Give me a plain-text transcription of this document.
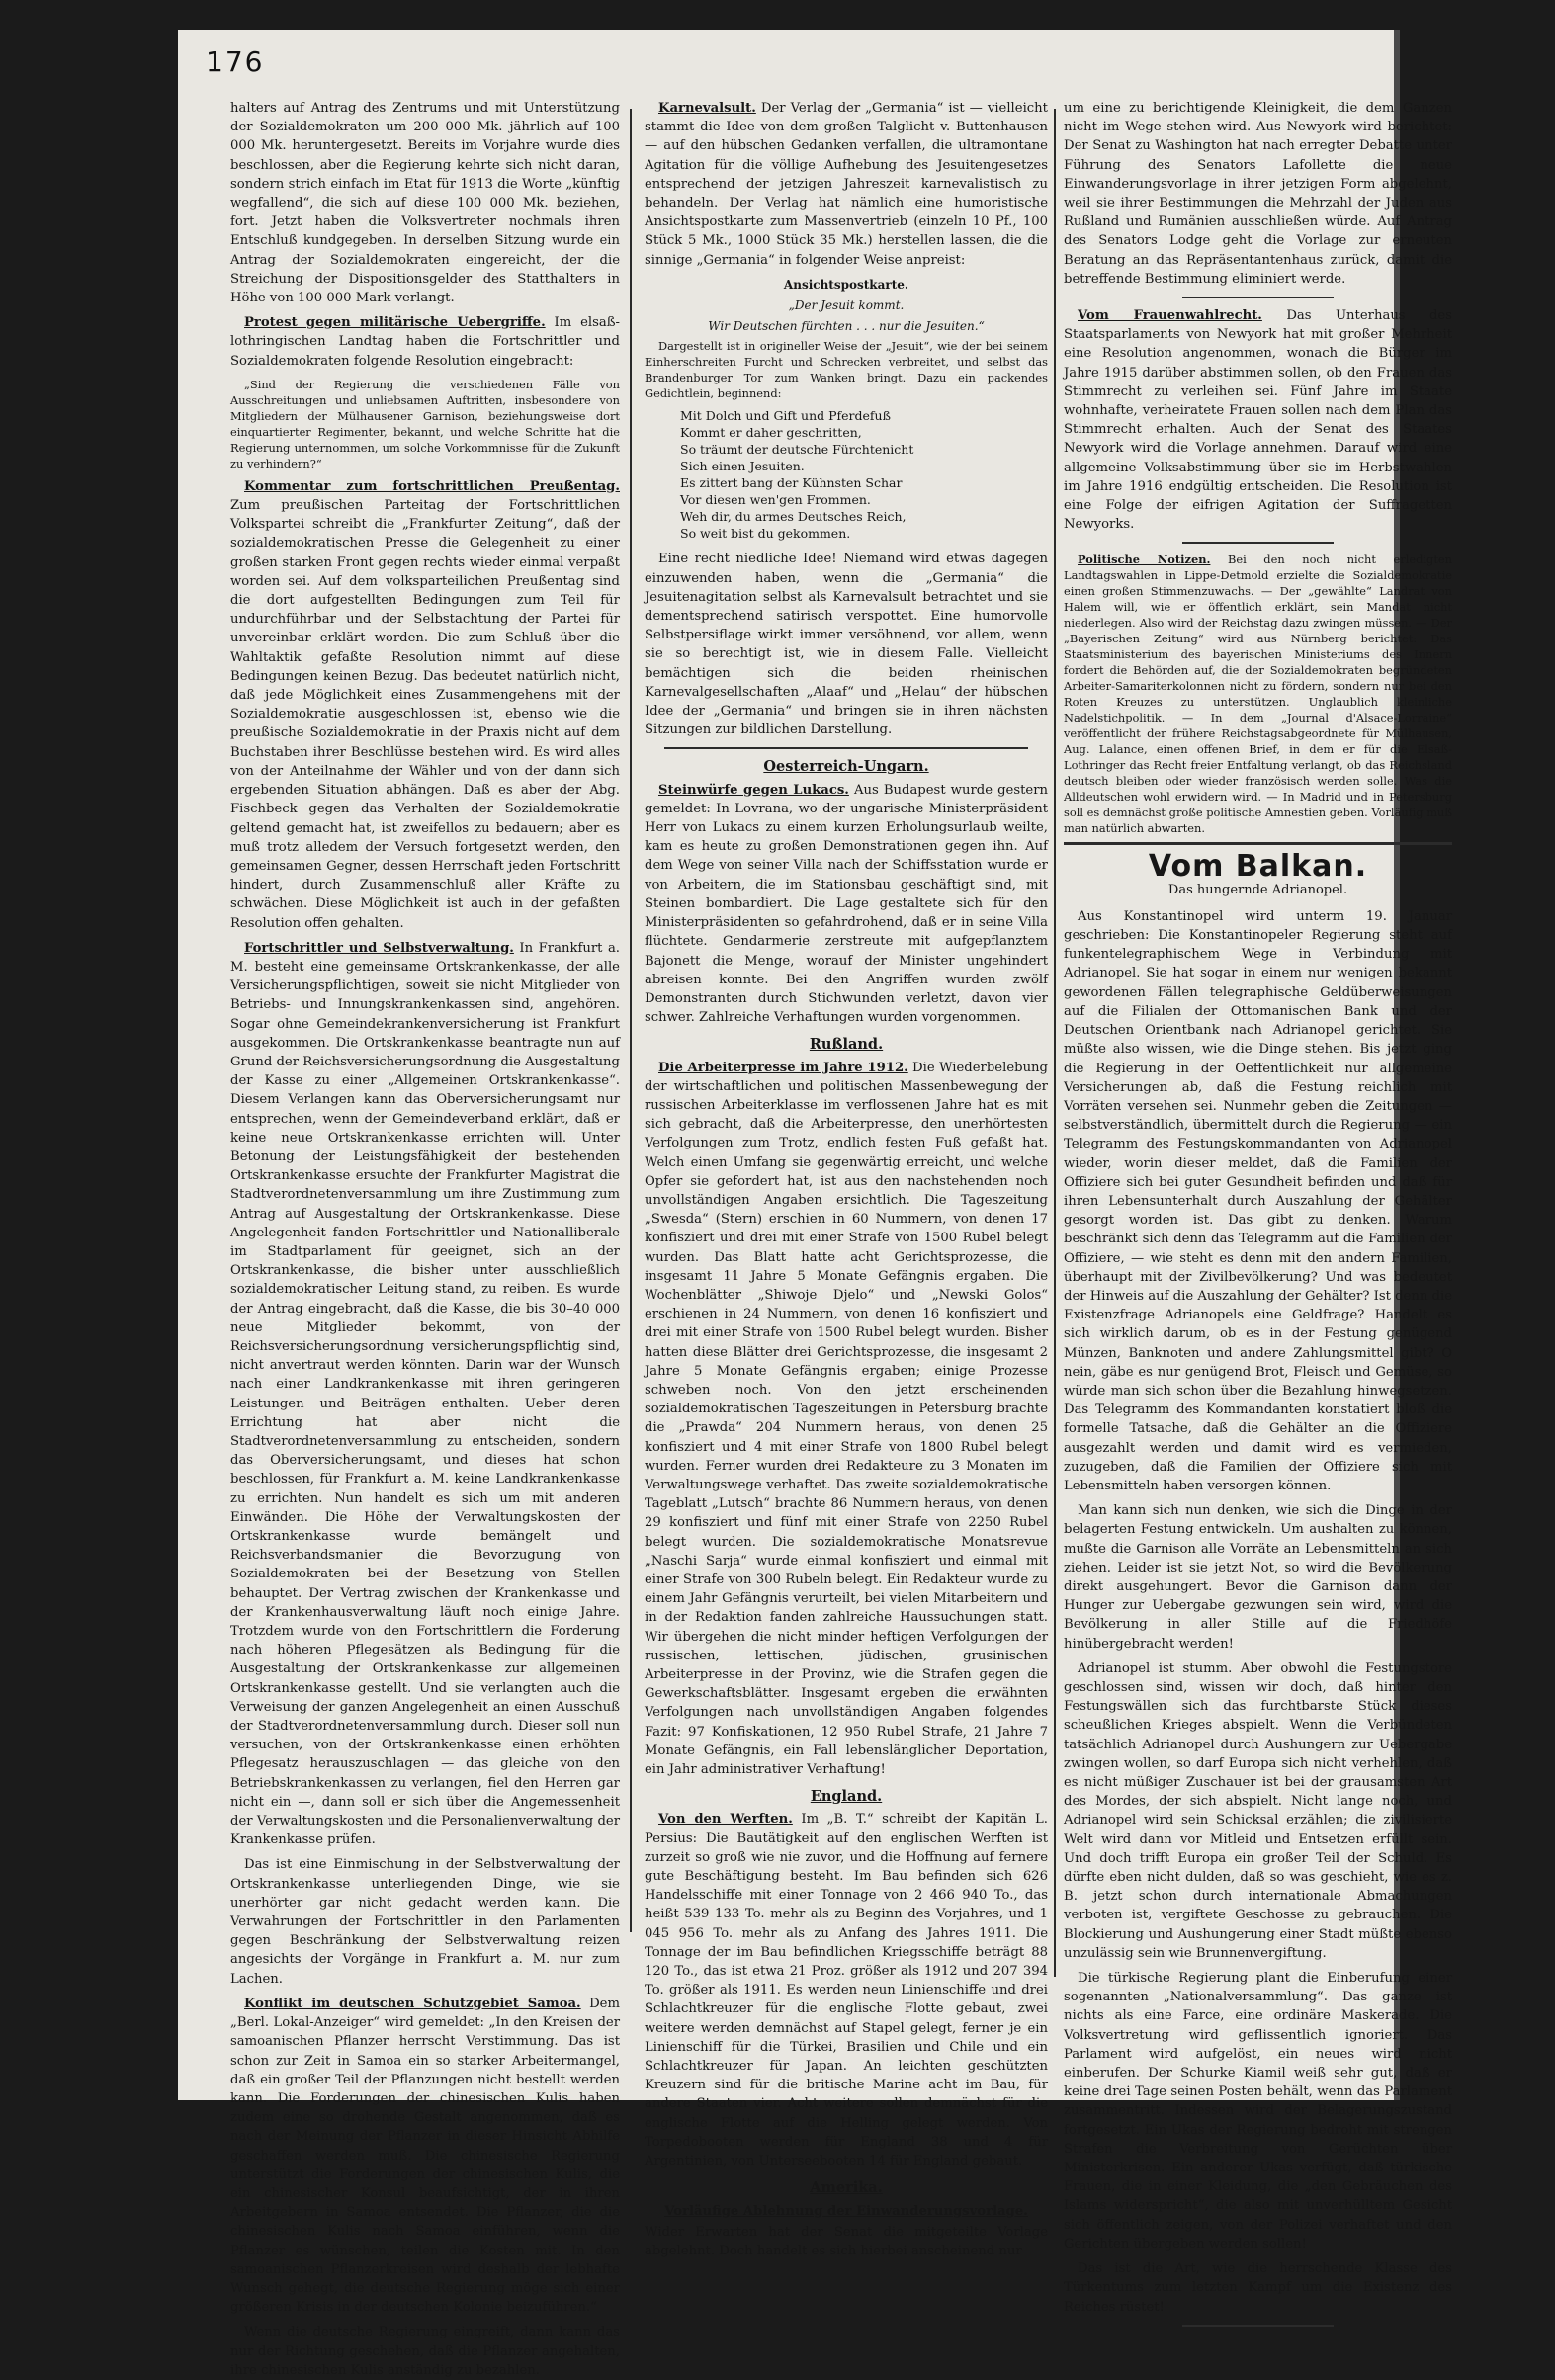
176

halters auf Antrag des Zentrums und mit Unterstützung der Sozialdemokraten um 200 000 Mk. jährlich auf 100 000 Mk. heruntergesetzt. Bereits im Vorjahre wurde dies beschlossen, aber die Regierung kehrte sich nicht daran, sondern strich einfach im Etat für 1913 die Worte „künftig wegfallend“, die sich auf diese 100 000 Mk. beziehen, fort. Jetzt haben die Volksvertreter nochmals ihren Entschluß kundgegeben. In derselben Sitzung wurde ein Antrag der Sozialdemokraten eingereicht, der die Streichung der Dispositionsgelder des Statthalters in Höhe von 100 000 Mark verlangt.

Protest gegen militärische Uebergriffe. Im elsaß-lothringischen Landtag haben die Fortschrittler und Sozialdemokraten folgende Resolution eingebracht:

„Sind der Regierung die verschiedenen Fälle von Ausschreitungen und unliebsamen Auftritten, insbesondere von Mitgliedern der Mülhausener Garnison, beziehungsweise dort einquartierter Regimenter, bekannt, und welche Schritte hat die Regierung unternommen, um solche Vorkommnisse für die Zukunft zu verhindern?“

Kommentar zum fortschrittlichen Preußentag. Zum preußischen Parteitag der Fortschrittlichen Volkspartei schreibt die „Frankfurter Zeitung“, daß der sozialdemokratischen Presse die Gelegenheit zu einer großen starken Front gegen rechts wieder einmal verpaßt worden sei. Auf dem volksparteilichen Preußentag sind die dort aufgestellten Bedingungen zum Teil für undurchführbar und der Selbstachtung der Partei für unvereinbar erklärt worden. Die zum Schluß über die Wahltaktik gefaßte Resolution nimmt auf diese Bedingungen keinen Bezug. Das bedeutet natürlich nicht, daß jede Möglichkeit eines Zusammengehens mit der Sozialdemokratie ausgeschlossen ist, ebenso wie die preußische Sozialdemokratie in der Praxis nicht auf dem Buchstaben ihrer Beschlüsse bestehen wird. Es wird alles von der Anteilnahme der Wähler und von der dann sich ergebenden Situation abhängen. Daß es aber der Abg. Fischbeck gegen das Verhalten der Sozialdemokratie geltend gemacht hat, ist zweifellos zu bedauern; aber es muß trotz alledem der Versuch fortgesetzt werden, den gemeinsamen Gegner, dessen Herrschaft jeden Fortschritt hindert, durch Zusammenschluß aller Kräfte zu schwächen. Diese Möglichkeit ist auch in der gefaßten Resolution offen gehalten.

Fortschrittler und Selbstverwaltung. In Frankfurt a. M. besteht eine gemeinsame Ortskrankenkasse, der alle Versicherungspflichtigen, soweit sie nicht Mitglieder von Betriebs- und Innungskrankenkassen sind, angehören. Sogar ohne Gemeindekrankenversicherung ist Frankfurt ausgekommen. Die Ortskrankenkasse beantragte nun auf Grund der Reichsversicherungsordnung die Ausgestaltung der Kasse zu einer „Allgemeinen Ortskrankenkasse“. Diesem Verlangen kann das Oberversicherungsamt nur entsprechen, wenn der Gemeindeverband erklärt, daß er keine neue Ortskrankenkasse errichten will. Unter Betonung der Leistungsfähigkeit der bestehenden Ortskrankenkasse ersuchte der Frankfurter Magistrat die Stadtverordnetenversammlung um ihre Zustimmung zum Antrag auf Ausgestaltung der Ortskrankenkasse. Diese Angelegenheit fanden Fortschrittler und Nationalliberale im Stadtparlament für geeignet, sich an der Ortskrankenkasse, die bisher unter ausschließlich sozialdemokratischer Leitung stand, zu reiben. Es wurde der Antrag eingebracht, daß die Kasse, die bis 30–40 000 neue Mitglieder bekommt, von der Reichsversicherungsordnung versicherungspflichtig sind, nicht anvertraut werden könnten. Darin war der Wunsch nach einer Landkrankenkasse mit ihren geringeren Leistungen und Beiträgen enthalten. Ueber deren Errichtung hat aber nicht die Stadtverordnetenversammlung zu entscheiden, sondern das Oberversicherungsamt, und dieses hat schon beschlossen, für Frankfurt a. M. keine Landkrankenkasse zu errichten. Nun handelt es sich um mit anderen Einwänden. Die Höhe der Verwaltungskosten der Ortskrankenkasse wurde bemängelt und Reichsverbandsmanier die Bevorzugung von Sozialdemokraten bei der Besetzung von Stellen behauptet. Der Vertrag zwischen der Krankenkasse und der Krankenhausverwaltung läuft noch einige Jahre. Trotzdem wurde von den Fortschrittlern die Forderung nach höheren Pflegesätzen als Bedingung für die Ausgestaltung der Ortskrankenkasse zur allgemeinen Ortskrankenkasse gestellt. Und sie verlangten auch die Verweisung der ganzen Angelegenheit an einen Ausschuß der Stadtverordnetenversammlung durch. Dieser soll nun versuchen, von der Ortskrankenkasse einen erhöhten Pflegesatz herauszuschlagen — das gleiche von den Betriebskrankenkassen zu verlangen, fiel den Herren gar nicht ein —, dann soll er sich über die Angemessenheit der Verwaltungskosten und die Personalienverwaltung der Krankenkasse prüfen.

Das ist eine Einmischung in der Selbstverwaltung der Ortskrankenkasse unterliegenden Dinge, wie sie unerhörter gar nicht gedacht werden kann. Die Verwahrungen der Fortschrittler in den Parlamenten gegen Beschränkung der Selbstverwaltung reizen angesichts der Vorgänge in Frankfurt a. M. nur zum Lachen.

Konflikt im deutschen Schutzgebiet Samoa. Dem „Berl. Lokal-Anzeiger“ wird gemeldet: „In den Kreisen der samoanischen Pflanzer herrscht Verstimmung. Das ist schon zur Zeit in Samoa ein so starker Arbeitermangel, daß ein großer Teil der Pflanzungen nicht bestellt werden kann. Die Forderungen der chinesischen Kulis haben zudem eine so drohende Gestalt angenommen, daß es nach der Meinung der Pflanzer in dieser Hinsicht Abhilfe geschaffen werden muß. Die chinesische Regierung unterstützt die Forderungen der chinesischen Kulis, die ein chinesischer Konsul beaufsichtigt, der in ihren Arbeitgebern in Samoa entsendet. Die Pflanzer, die die chinesischen Kulis nach Samoa einführen, wenn die Pflanzer es wünschen, teilen die Kosten mit. In den samoanischen Pflanzerkreisen wird deshalb der lebhafte Wunsch gehegt, die deutsche Regierung möge sich einer größeren Krisis in der deutschen Kolonie beizuführen.“

Wenn die deutsche Regierung eingreift, dann kann das nur der Richtung geschehen, daß die Pflanzer angehalten, ihre chinesischen Kulis anständig zu bezahlen.

Karnevalsult. Der Verlag der „Germania“ ist — vielleicht stammt die Idee von dem großen Talglicht v. Buttenhausen — auf den hübschen Gedanken verfallen, die ultramontane Agitation für die völlige Aufhebung des Jesuitengesetzes entsprechend der jetzigen Jahreszeit karnevalistisch zu behandeln. Der Verlag hat nämlich eine humoristische Ansichtspostkarte zum Massenvertrieb (einzeln 10 Pf., 100 Stück 5 Mk., 1000 Stück 35 Mk.) herstellen lassen, die die sinnige „Germania“ in folgender Weise anpreist:

Ansichtspostkarte.
„Der Jesuit kommt.
Wir Deutschen fürchten . . . nur die Jesuiten.“

Dargestellt ist in origineller Weise der „Jesuit“, wie der bei seinem Einherschreiten Furcht und Schrecken verbreitet, und selbst das Brandenburger Tor zum Wanken bringt. Dazu ein packendes Gedichtlein, beginnend:

Mit Dolch und Gift und Pferdefuß
Kommt er daher geschritten,
So träumt der deutsche Fürchtenicht
Sich einen Jesuiten.
Es zittert bang der Kühnsten Schar
Vor diesen wen'gen Frommen.
Weh dir, du armes Deutsches Reich,
So weit bist du gekommen.

Eine recht niedliche Idee! Niemand wird etwas dagegen einzuwenden haben, wenn die „Germania“ die Jesuitenagitation selbst als Karnevalsult betrachtet und sie dementsprechend satirisch verspottet. Eine humorvolle Selbstpersiflage wirkt immer versöhnend, vor allem, wenn sie so berechtigt ist, wie in diesem Falle. Vielleicht bemächtigen sich die beiden rheinischen Karnevalgesellschaften „Alaaf“ und „Helau“ der hübschen Idee der „Germania“ und bringen sie in ihren nächsten Sitzungen zur bildlichen Darstellung.

Oesterreich-Ungarn.

Steinwürfe gegen Lukacs. Aus Budapest wurde gestern gemeldet: In Lovrana, wo der ungarische Ministerpräsident Herr von Lukacs zu einem kurzen Erholungsurlaub weilte, kam es heute zu großen Demonstrationen gegen ihn. Auf dem Wege von seiner Villa nach der Schiffsstation wurde er von Arbeitern, die im Stationsbau geschäftigt sind, mit Steinen bombardiert. Die Lage gestaltete sich für den Ministerpräsidenten so gefahrdrohend, daß er in seine Villa flüchtete. Gendarmerie zerstreute mit aufgepflanztem Bajonett die Menge, worauf der Minister ungehindert abreisen konnte. Bei den Angriffen wurden zwölf Demonstranten durch Stichwunden verletzt, davon vier schwer. Zahlreiche Verhaftungen wurden vorgenommen.

Rußland.

Die Arbeiterpresse im Jahre 1912. Die Wiederbelebung der wirtschaftlichen und politischen Massenbewegung der russischen Arbeiterklasse im verflossenen Jahre hat es mit sich gebracht, daß die Arbeiterpresse, den unerhörtesten Verfolgungen zum Trotz, endlich festen Fuß gefaßt hat. Welch einen Umfang sie gegenwärtig erreicht, und welche Opfer sie gefordert hat, ist aus den nachstehenden noch unvollständigen Angaben ersichtlich. Die Tageszeitung „Swesda“ (Stern) erschien in 60 Nummern, von denen 17 konfisziert und drei mit einer Strafe von 1500 Rubel belegt wurden. Das Blatt hatte acht Gerichtsprozesse, die insgesamt 11 Jahre 5 Monate Gefängnis ergaben. Die Wochenblätter „Shiwoje Djelo“ und „Newski Golos“ erschienen in 24 Nummern, von denen 16 konfisziert und drei mit einer Strafe von 1500 Rubel belegt wurden. Bisher hatten diese Blätter drei Gerichtsprozesse, die insgesamt 2 Jahre 5 Monate Gefängnis ergaben; einige Prozesse schweben noch. Von den jetzt erscheinenden sozialdemokratischen Tageszeitungen in Petersburg brachte die „Prawda“ 204 Nummern heraus, von denen 25 konfisziert und 4 mit einer Strafe von 1800 Rubel belegt wurden. Ferner wurden drei Redakteure zu 3 Monaten im Verwaltungswege verhaftet. Das zweite sozialdemokratische Tageblatt „Lutsch“ brachte 86 Nummern heraus, von denen 29 konfisziert und fünf mit einer Strafe von 2250 Rubel belegt wurden. Die sozialdemokratische Monatsrevue „Naschi Sarja“ wurde einmal konfisziert und einmal mit einer Strafe von 300 Rubeln belegt. Ein Redakteur wurde zu einem Jahr Gefängnis verurteilt, bei vielen Mitarbeitern und in der Redaktion fanden zahlreiche Haussuchungen statt. Wir übergehen die nicht minder heftigen Verfolgungen der russischen, lettischen, jüdischen, grusinischen Arbeiterpresse in der Provinz, wie die Strafen gegen die Gewerkschaftsblätter. Insgesamt ergeben die erwähnten Verfolgungen nach unvollständigen Angaben folgendes Fazit: 97 Konfiskationen, 12 950 Rubel Strafe, 21 Jahre 7 Monate Gefängnis, ein Fall lebenslänglicher Deportation, ein Jahr administrativer Verhaftung!

England.

Von den Werften. Im „B. T.“ schreibt der Kapitän L. Persius: Die Bautätigkeit auf den englischen Werften ist zurzeit so groß wie nie zuvor, und die Hoffnung auf fernere gute Beschäftigung besteht. Im Bau befinden sich 626 Handelsschiffe mit einer Tonnage von 2 466 940 To., das heißt 539 133 To. mehr als zu Beginn des Vorjahres, und 1 045 956 To. mehr als zu Anfang des Jahres 1911. Die Tonnage der im Bau befindlichen Kriegsschiffe beträgt 88 120 To., das ist etwa 21 Proz. größer als 1912 und 207 394 To. größer als 1911. Es werden neun Linienschiffe und drei Schlachtkreuzer für die englische Flotte gebaut, zwei weitere werden demnächst auf Stapel gelegt, ferner je ein Linienschiff für die Türkei, Brasilien und Chile und ein Schlachtkreuzer für Japan. An leichten geschützten Kreuzern sind für die britische Marine acht im Bau, für andere Staaten vier. Acht weitere sollen demnächst für die englische Flotte auf die Helling gelegt werden. Von Torpedobooten werden für England 38 und 4 für Argentinien, von Unterseebooten 14 für England gebaut.

Amerika.
Vorläufige Ablehnung der Einwanderungsvorlage.

Wider Erwarten hat der Senat die mitgeteilte Vorlage abgelehnt. Doch handelt es sich hierbei anscheinend nur

um eine zu berichtigende Kleinigkeit, die dem Ganzen nicht im Wege stehen wird. Aus Newyork wird berichtet: Der Senat zu Washington hat nach erregter Debatte unter Führung des Senators Lafollette die neue Einwanderungsvorlage in ihrer jetzigen Form abgelehnt, weil sie ihrer Bestimmungen die Mehrzahl der Juden aus Rußland und Rumänien ausschließen würde. Auf Antrag des Senators Lodge geht die Vorlage zur erneuten Beratung an das Repräsentantenhaus zurück, damit die betreffende Bestimmung eliminiert werde.

Vom Frauenwahlrecht. Das Unterhaus des Staatsparlaments von Newyork hat mit großer Mehrheit eine Resolution angenommen, wonach die Bürger im Jahre 1915 darüber abstimmen sollen, ob den Frauen das Stimmrecht zu verleihen sei. Fünf Jahre im Staate wohnhafte, verheiratete Frauen sollen nach dem Plan das Stimmrecht erhalten. Auch der Senat des Staates Newyork wird die Vorlage annehmen. Darauf wird eine allgemeine Volksabstimmung über sie im Herbstwahlen im Jahre 1916 endgültig entscheiden. Die Resolution ist eine Folge der eifrigen Agitation der Suffragetten Newyorks.

Politische Notizen. Bei den noch nicht erledigten Landtagswahlen in Lippe-Detmold erzielte die Sozialdemokratie einen großen Stimmenzuwachs. — Der „gewählte“ Landrat von Halem will, wie er öffentlich erklärt, sein Mandat nicht niederlegen. Also wird der Reichstag dazu zwingen müssen. — Der „Bayerischen Zeitung“ wird aus Nürnberg berichtet: Das Staatsministerium des bayerischen Ministeriums des Innern fordert die Behörden auf, die der Sozialdemokraten begründeten Arbeiter-Samariterkolonnen nicht zu fördern, sondern nur bei den Roten Kreuzes zu unterstützen. Unglaublich kleinliche Nadelstichpolitik. — In dem „Journal d'Alsace-Lorraine“ veröffentlicht der frühere Reichstagsabgeordnete für Mülhausen, Aug. Lalance, einen offenen Brief, in dem er für die Elsaß-Lothringer das Recht freier Entfaltung verlangt, ob das Reichsland deutsch bleiben oder wieder französisch werden solle. Was die Alldeutschen wohl erwidern wird. — In Madrid und in Petersburg soll es demnächst große politische Amnestien geben. Vorläufig muß man natürlich abwarten.

Vom Balkan.
Das hungernde Adrianopel.

Aus Konstantinopel wird unterm 19. Januar geschrieben: Die Konstantinopeler Regierung steht auf funkentelegraphischem Wege in Verbindung mit Adrianopel. Sie hat sogar in einem nur wenigen bekannt gewordenen Fällen telegraphische Geldüberweisungen auf die Filialen der Ottomanischen Bank und der Deutschen Orientbank nach Adrianopel gerichtet. Sie müßte also wissen, wie die Dinge stehen. Bis jetzt ging die Regierung in der Oeffentlichkeit nur allgemeine Versicherungen ab, daß die Festung reichlich mit Vorräten versehen sei. Nunmehr geben die Zeitungen — selbstverständlich, übermittelt durch die Regierung — ein Telegramm des Festungskommandanten von Adrianopel wieder, worin dieser meldet, daß die Familien der Offiziere sich bei guter Gesundheit befinden und daß für ihren Lebensunterhalt durch Auszahlung der Gehälter gesorgt worden ist. Das gibt zu denken. Warum beschränkt sich denn das Telegramm auf die Familien der Offiziere, — wie steht es denn mit den andern Familien, überhaupt mit der Zivilbevölkerung? Und was bedeutet der Hinweis auf die Auszahlung der Gehälter? Ist denn die Existenzfrage Adrianopels eine Geldfrage? Handelt es sich wirklich darum, ob es in der Festung genügend Münzen, Banknoten und andere Zahlungsmittel gibt? O nein, gäbe es nur genügend Brot, Fleisch und Gemüse, so würde man sich schon über die Bezahlung hinwegsetzen. Das Telegramm des Kommandanten konstatiert bloß die formelle Tatsache, daß die Gehälter an die Offiziere ausgezahlt werden und damit wird es vermieden, zuzugeben, daß die Familien der Offiziere sich mit Lebensmitteln haben versorgen können.

Man kann sich nun denken, wie sich die Dinge in der belagerten Festung entwickeln. Um aushalten zu können, mußte die Garnison alle Vorräte an Lebensmitteln an sich ziehen. Leider ist sie jetzt Not, so wird die Bevölkerung direkt ausgehungert. Bevor die Garnison dann der Hunger zur Uebergabe gezwungen sein wird, wird die Bevölkerung in aller Stille auf die Friedhöfe hinübergebracht werden!

Adrianopel ist stumm. Aber obwohl die Festungstore geschlossen sind, wissen wir doch, daß hinter den Festungswällen sich das furchtbarste Stück dieses scheußlichen Krieges abspielt. Wenn die Verbündeten tatsächlich Adrianopel durch Aushungern zur Uebergabe zwingen wollen, so darf Europa sich nicht verhehlen, daß es nicht müßiger Zuschauer ist bei der grausamsten Art des Mordes, der sich abspielt. Nicht lange noch, und Adrianopel wird sein Schicksal erzählen; die zivilisierte Welt wird dann vor Mitleid und Entsetzen erfüllt sein. Und doch trifft Europa ein großer Teil der Schuld. Es dürfte eben nicht dulden, daß so was geschieht, wie es z. B. jetzt schon durch internationale Abmachungen verboten ist, vergiftete Geschosse zu gebrauchen. Die Blockierung und Aushungerung einer Stadt müßte ebenso unzulässig sein wie Brunnenvergiftung.

Die türkische Regierung plant die Einberufung einer sogenannten „Nationalversammlung“. Das ganze ist nichts als eine Farce, eine ordinäre Maskerade. Die Volksvertretung wird geflissentlich ignoriert. Das Parlament wird aufgelöst, ein neues wird nicht einberufen. Der Schurke Kiamil weiß sehr gut, daß er keine drei Tage seinen Posten behält, wenn das Parlament zusammentritt. Indessen wird der Belagerungszustand fortgesetzt. Ein Ukas der Regierung bedroht mit strengen Strafen die Verbreitung von Gerüchten über Ministerkrisen. Ein anderer Ukas verfügt, daß türkische Frauen, die in einer Kleidung, die „den Gebräuchen des Islams widerspricht“, die also mit unverhülltem Gesicht sich öffentlich zeigen, von der Polizei verhaftet und den Gerichten übergeben werden sollen!

Das ist die Art, wie die herrschende Klasse des Türkentums zum letzten Kampf um die Existenz des Reiches rüstet!
